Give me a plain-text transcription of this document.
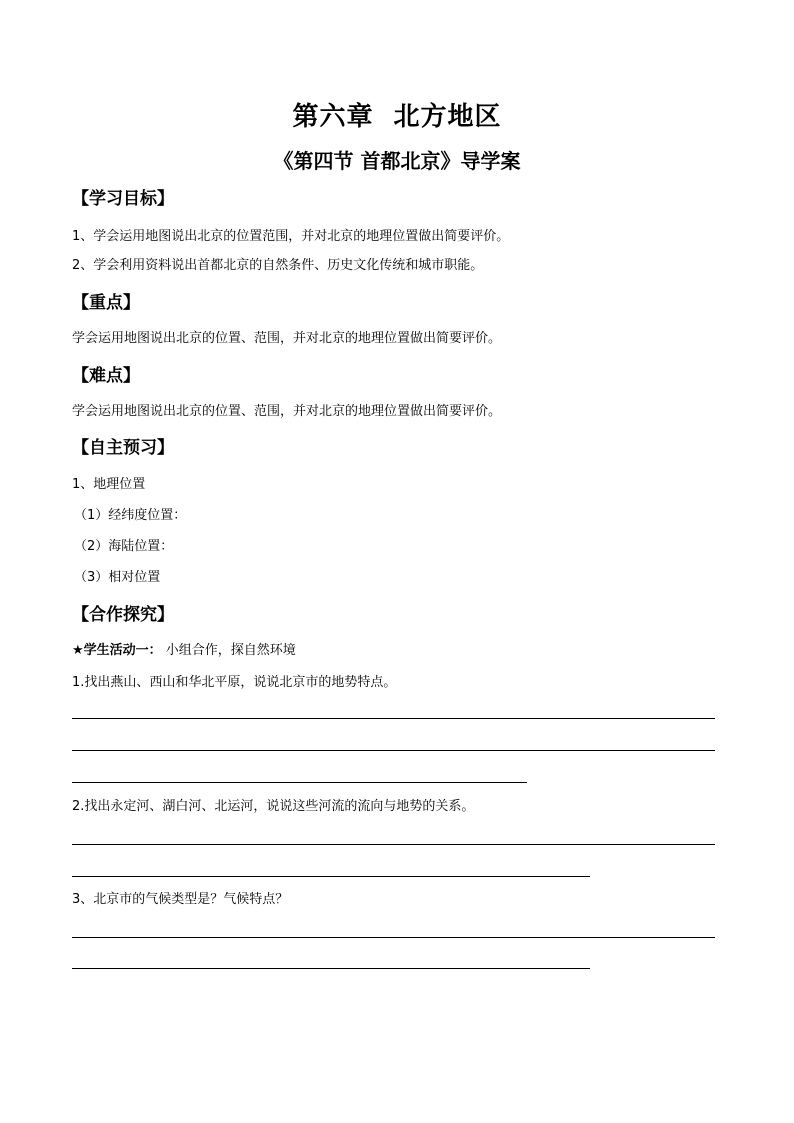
第六章  北方地区
《第四节 首都北京》导学案
【学习目标】
1、学会运用地图说出北京的位置范围，并对北京的地理位置做出简要评价。
2、学会利用资料说出首都北京的自然条件、历史文化传统和城市职能。
【重点】
学会运用地图说出北京的位置、范围，并对北京的地理位置做出简要评价。
【难点】
学会运用地图说出北京的位置、范围，并对北京的地理位置做出简要评价。
【自主预习】
1、地理位置
（1）经纬度位置：
（2）海陆位置：
（3）相对位置
【合作探究】
★学生活动一： 小组合作，探自然环境
1.找出燕山、西山和华北平原，说说北京市的地势特点。
2.找出永定河、湖白河、北运河，说说这些河流的流向与地势的关系。
3、北京市的气候类型是？气候特点？
